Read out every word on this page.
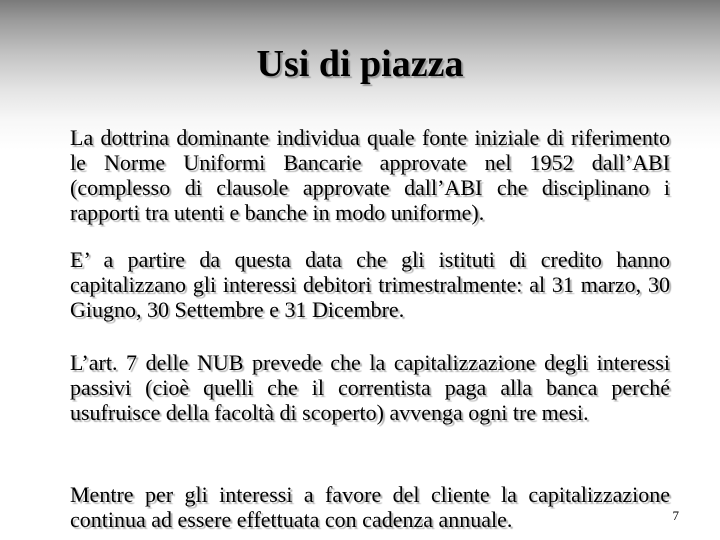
Usi di piazza
La dottrina dominante individua quale fonte iniziale di riferimento le Norme Uniformi Bancarie approvate nel 1952 dall’ABI (complesso di clausole approvate dall’ABI che disciplinano i rapporti tra utenti e banche in modo uniforme).
E’ a partire da questa data che gli istituti di credito hanno capitalizzano gli interessi debitori trimestralmente: al 31 marzo, 30 Giugno, 30 Settembre e 31 Dicembre.
L’art. 7 delle NUB prevede che la capitalizzazione degli interessi passivi (cioè quelli che il correntista paga alla banca perché usufruisce della facoltà di scoperto) avvenga ogni tre mesi.
Mentre per gli interessi a favore del cliente la capitalizzazione continua ad essere effettuata con cadenza annuale.	7
